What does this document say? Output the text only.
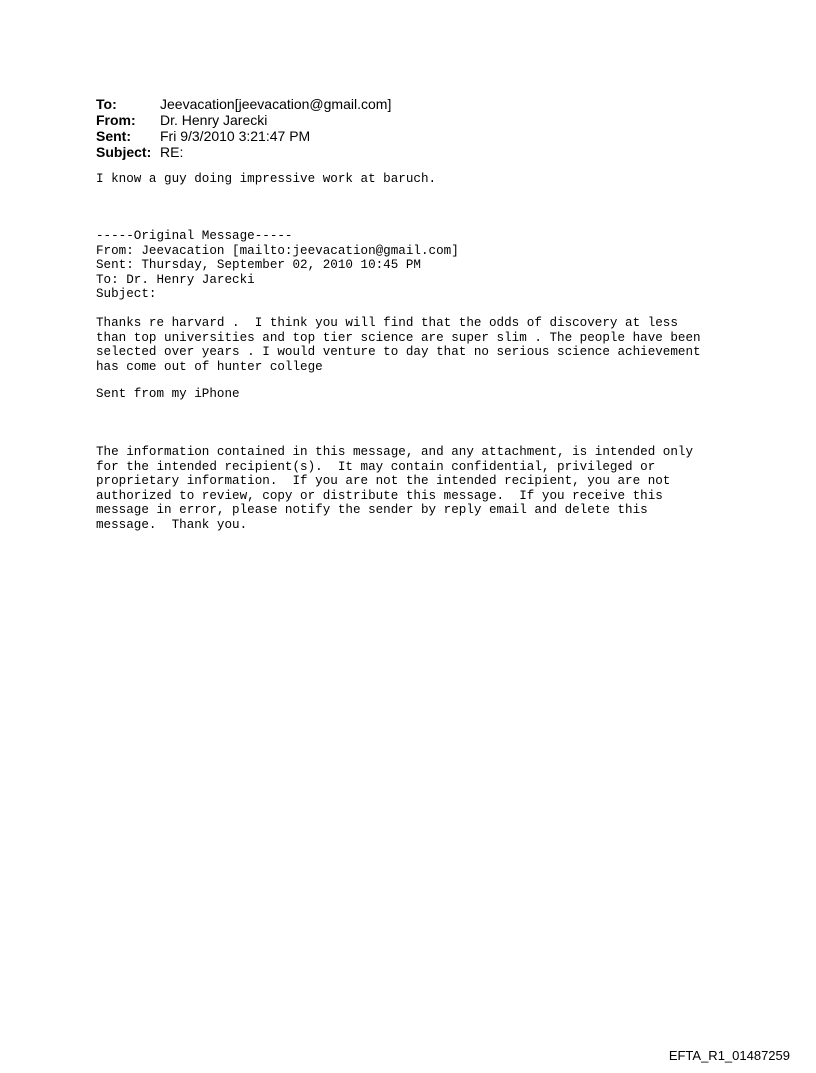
To:	Jeevacation[jeevacation@gmail.com]
From:	Dr. Henry Jarecki
Sent:	Fri 9/3/2010 3:21:47 PM
Subject: RE:
I know a guy doing impressive work at baruch.
-----Original Message-----
From: Jeevacation [mailto:jeevacation@gmail.com]
Sent: Thursday, September 02, 2010 10:45 PM
To: Dr. Henry Jarecki
Subject:
Thanks re harvard .  I think you will find that the odds of discovery at less
than top universities and top tier science are super slim . The people have been
selected over years . I would venture to day that no serious science achievement
has come out of hunter college
Sent from my iPhone
The information contained in this message, and any attachment, is intended only
for the intended recipient(s).  It may contain confidential, privileged or
proprietary information.  If you are not the intended recipient, you are not
authorized to review, copy or distribute this message.  If you receive this
message in error, please notify the sender by reply email and delete this
message.  Thank you.
EFTA_R1_01487259
